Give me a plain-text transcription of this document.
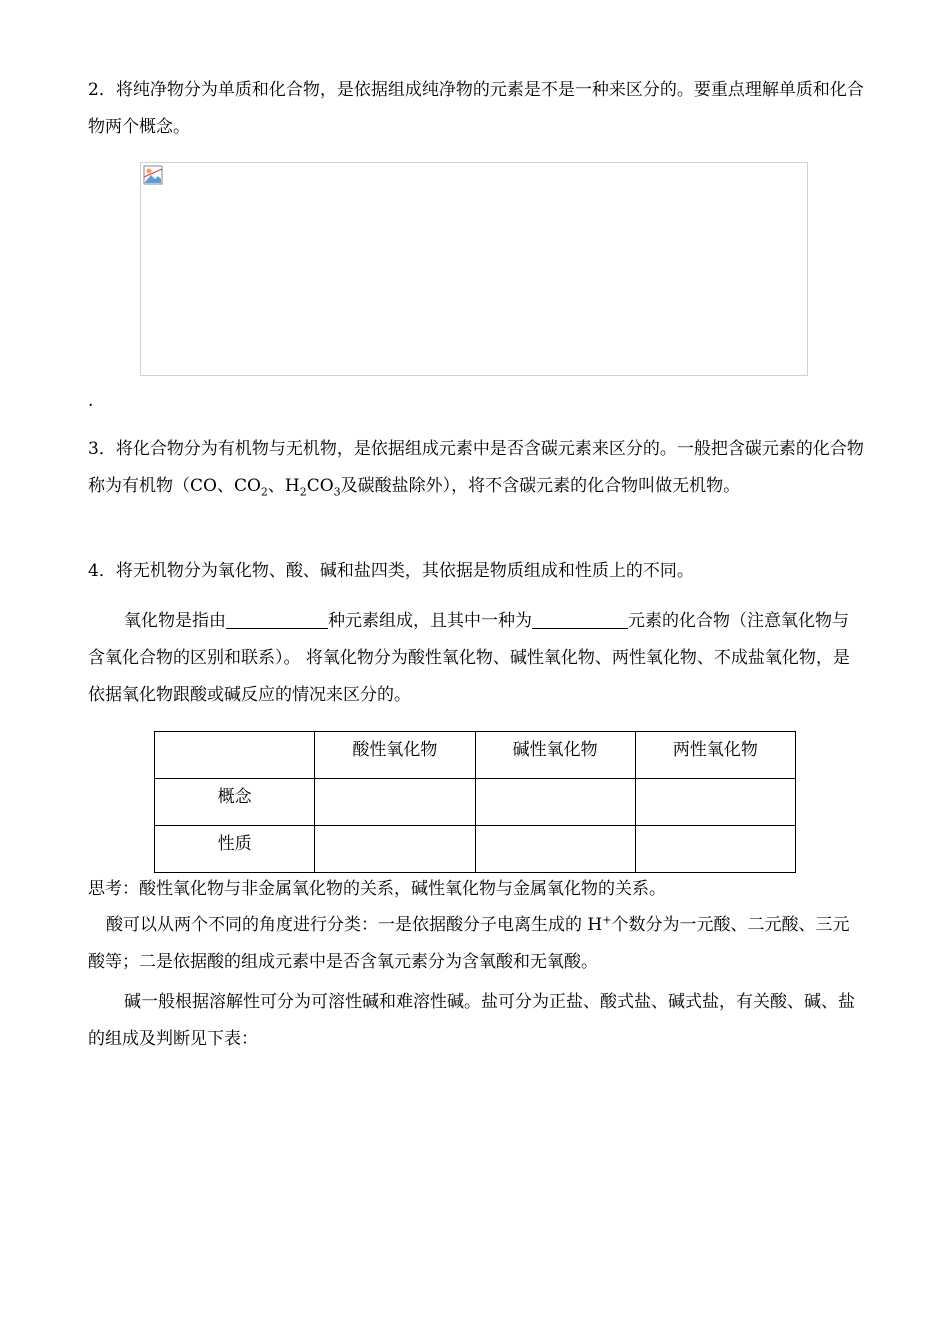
2．将纯净物分为单质和化合物，是依据组成纯净物的元素是不是一种来区分的。要重点理解单质和化合物两个概念。
.
3．将化合物分为有机物与无机物，是依据组成元素中是否含碳元素来区分的。一般把含碳元素的化合物称为有机物（CO、$CO_2$、$H_2CO_3$及碳酸盐除外），将不含碳元素的化合物叫做无机物。
4．将无机物分为氧化物、酸、碱和盐四类，其依据是物质组成和性质上的不同。
氧化物是指由	种元素组成，且其中一种为	元素的化合物（注意氧化物与含氧化合物的区别和联系）。 将氧化物分为酸性氧化物、碱性氧化物、两性氧化物、不成盐氧化物，是依据氧化物跟酸或碱反应的情况来区分的。
	酸性氧化物	碱性氧化物	两性氧化物
概念			
性质			
思考：酸性氧化物与非金属氧化物的关系，碱性氧化物与金属氧化物的关系。
酸可以从两个不同的角度进行分类：一是依据酸分子电离生成的 H+个数分为一元酸、二元酸、三元酸等；二是依据酸的组成元素中是否含氧元素分为含氧酸和无氧酸。
碱一般根据溶解性可分为可溶性碱和难溶性碱。盐可分为正盐、酸式盐、碱式盐，有关酸、碱、盐的组成及判断见下表：
